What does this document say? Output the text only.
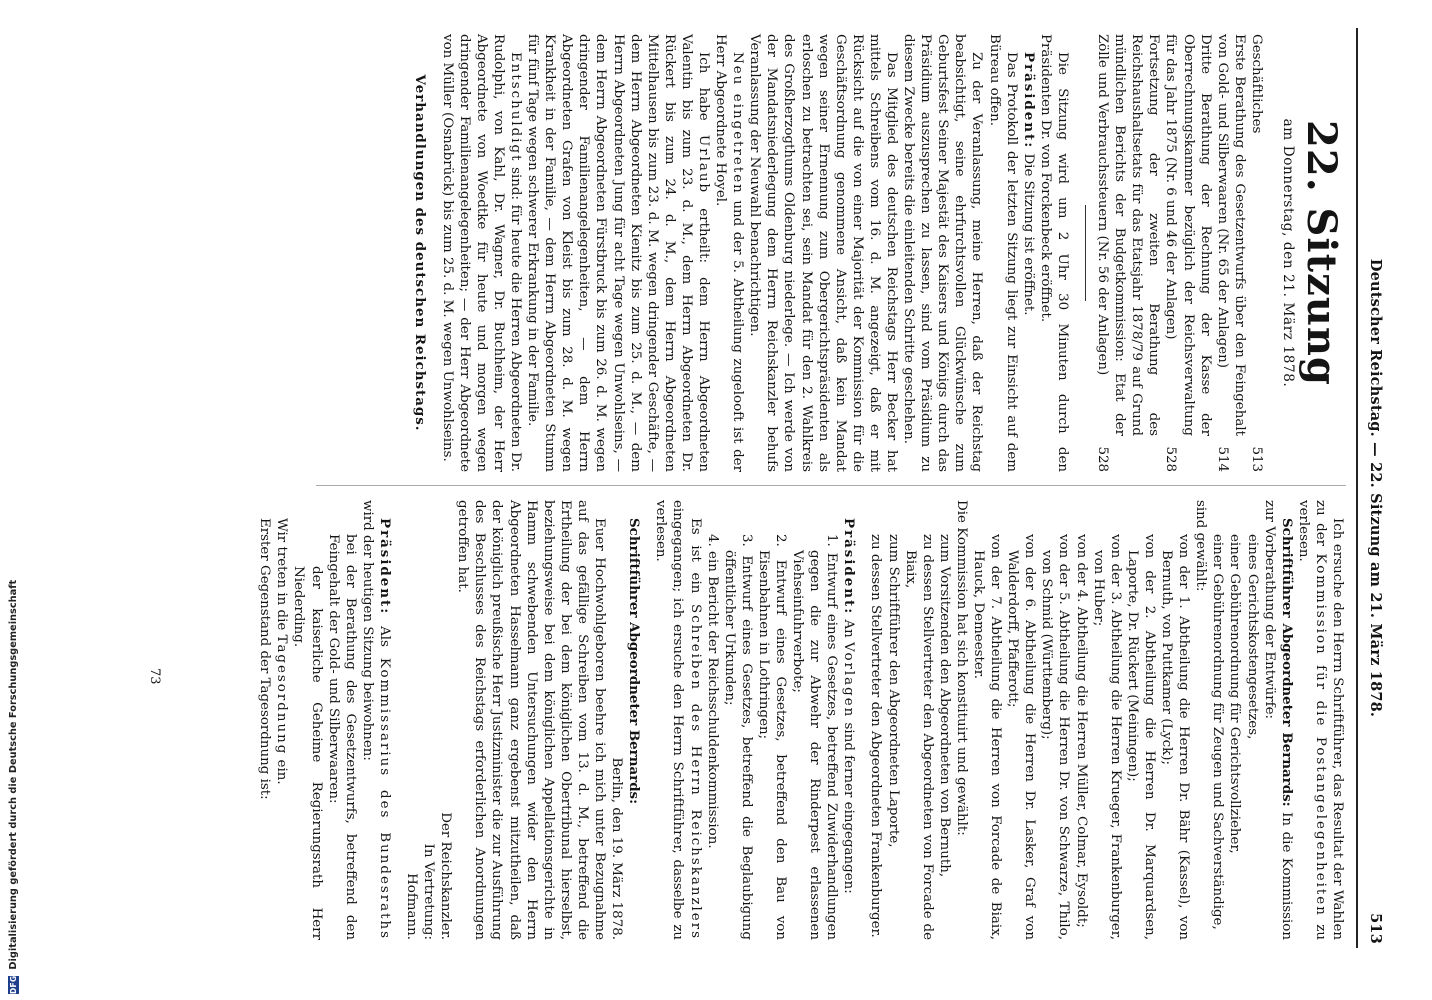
DFG
Digitalisierung gefördert durch die Deutsche Forschungsgemeinschaft
Deutscher Reichstag. — 22. Sitzung am 21. März 1878.
513
22. Sitzung
am Donnerstag, den 21. März 1878.
Geschäftliches
513
Erste Berathung des Gesetzentwurfs über den Feingehalt von Gold- und Silberwaaren (Nr. 65 der Anlagen)
514
Dritte Berathung der Rechnung der Kasse der Oberrechnungskammer bezüglich der Reichsverwaltung für das Jahr 1875 (Nr. 6 und 46 der Anlagen)
528
Fortsetzung der zweiten Berathung des Reichshaushaltsetats für das Etatsjahr 1878/79 auf Grund mündlichen Berichts der Budgetkommission: Etat der Zölle und Verbrauchssteuern (Nr. 56 der Anlagen)
528

Die Sitzung wird um 2 Uhr 30 Minuten durch den Präsidenten Dr. von Forckenbeck eröffnet.

Präsident: Die Sitzung ist eröffnet.

Das Protokoll der letzten Sitzung liegt zur Einsicht auf dem Büreau offen.

Zu der Veranlassung, meine Herren, daß der Reichstag beabsichtigt, seine ehrfurchtsvollen Glückwünsche zum Geburtsfest Seiner Majestät des Kaisers und Königs durch das Präsidium auszusprechen zu lassen, sind vom Präsidium zu diesem Zwecke bereits die einleitenden Schritte geschehen.

Das Mitglied des deutschen Reichstags Herr Becker hat mittels Schreibens vom 16. d. M. angezeigt, daß er mit Rücksicht auf die von einer Majorität der Kommission für die Geschäftsordnung genommene Ansicht, daß kein Mandat wegen seiner Ernennung zum Obergerichtspräsidenten als erloschen zu betrachten sei, sein Mandat für den 2. Wahlkreis des Großherzogthums Oldenburg niederlege. — Ich werde von der Mandatsniederlegung dem Herrn Reichskanzler behufs Veranlassung der Neuwahl benachrichtigen.

Neu eingetreten und der 5. Abtheilung zugelooft ist der Herr Abgeordnete Hoyel.

Ich habe Urlaub ertheilt: dem Herrn Abgeordneten Valentin bis zum 23. d. M., dem Herrn Abgeordneten Dr. Rückert bis zum 24. d. M., dem Herrn Abgeordneten Mittelhausen bis zum 23. d. M. wegen dringender Geschäfte, — dem Herrn Abgeordneten Kienitz bis zum 25. d. M., — dem Herrn Abgeordneten Jung für acht Tage wegen Unwohlseins, — dem Herrn Abgeordneten Fürstbruck bis zum 26. d. M. wegen dringender Familienangelegenheiten, — dem Herrn Abgeordneten Grafen von Kleist bis zum 28. d. M. wegen Krankheit in der Familie, — dem Herrn Abgeordneten Stumm für fünf Tage wegen schwerer Erkrankung in der Familie.

Entschuldigt sind: für heute die Herren Abgeordneten Dr. Rudolphi, von Kahl, Dr. Wagner, Dr. Buchheim, der Herr Abgeordnete von Woedtke für heute und morgen wegen dringender Familienangelegenheiten; — der Herr Abgeordnete von Müller (Osnabrück) bis zum 25. d. M. wegen Unwohlseins.

Verhandlungen des deutschen Reichstags.

Ich ersuche den Herrn Schriftführer, das Resultat der Wahlen zu der Kommission für die Postangelegenheiten zu verlesen.

Schriftführer Abgeordneter Bernards: In die Kommission zur Vorberathung der Entwürfe:

eines Gerichtskostengesetzes,

einer Gebührenordnung für Gerichtsvollzieher,

einer Gebührenordnung für Zeugen und Sachverständige,

sind gewählt:

von der 1. Abtheilung die Herren Dr. Bähr (Kassel), von Bernuth, von Puttkamer (Lyck);

von der 2. Abtheilung die Herren Dr. Marquardsen, Laporte, Dr. Rückert (Meiningen);

von der 3. Abtheilung die Herren Krueger, Frankenburger, von Huber;

von der 4. Abtheilung die Herren Müller, Colmar, Eysoldt;

von der 5. Abtheilung die Herren Dr. von Schwarze, Thilo, von Schmid (Württemberg);

von der 6. Abtheilung die Herren Dr. Lasker, Graf von Walderdorff, Pfafferott;

von der 7. Abtheilung die Herren von Forcade de Biaix, Hauck, Demeester.

Die Kommission hat sich konstituirt und gewählt:

zum Vorsitzenden den Abgeordneten von Bernuth,

zu dessen Stellvertreter den Abgeordneten von Forcade de Biaix,

zum Schriftführer den Abgeordneten Laporte,

zu dessen Stellvertreter den Abgeordneten Frankenburger.

Präsident: An Vorlagen sind ferner eingegangen:

1. Entwurf eines Gesetzes, betreffend Zuwiderhandlungen gegen die zur Abwehr der Rinderpest erlassenen Viehseinfuhrverbote;

2. Entwurf eines Gesetzes, betreffend den Bau von Eisenbahnen in Lothringen;

3. Entwurf eines Gesetzes, betreffend die Beglaubigung öffentlicher Urkunden;

4. ein Bericht der Reichsschuldenkommission.

Es ist ein Schreiben des Herrn Reichskanzlers eingegangen; ich ersuche den Herrn Schriftführer, dasselbe zu verlesen.

Schriftführer Abgeordneter Bernards:

Berlin, den 19. März 1878.

Euer Hochwohlgeboren beehre ich mich unter Bezugnahme auf das gefällige Schreiben vom 13. d. M., betreffend die Ertheilung der bei dem königlichen Obertribunal hierselbst, beziehungsweise bei dem königlichen Appellationsgerichte in Hamm schwebenden Untersuchungen wider den Herrn Abgeordneten Hasselmann ganz ergebenst mitzutheilen, daß der königlich preußische Herr Justizminister die zur Ausführung des Beschlusses des Reichstags erforderlichen Anordnungen getroffen hat.

Der Reichskanzler.

In Vertretung:

Hofmann.

Präsident: Als Kommissarius des Bundesraths wird der heutigen Sitzung beiwohnen:

bei der Berathung des Gesetzentwurfs, betreffend den Feingehalt der Gold- und Silberwaaren:

der kaiserliche Geheime Regierungsrath Herr Niederding.

Wir treten in die Tagesordnung ein.

Erster Gegenstand der Tagesordnung ist:

73
